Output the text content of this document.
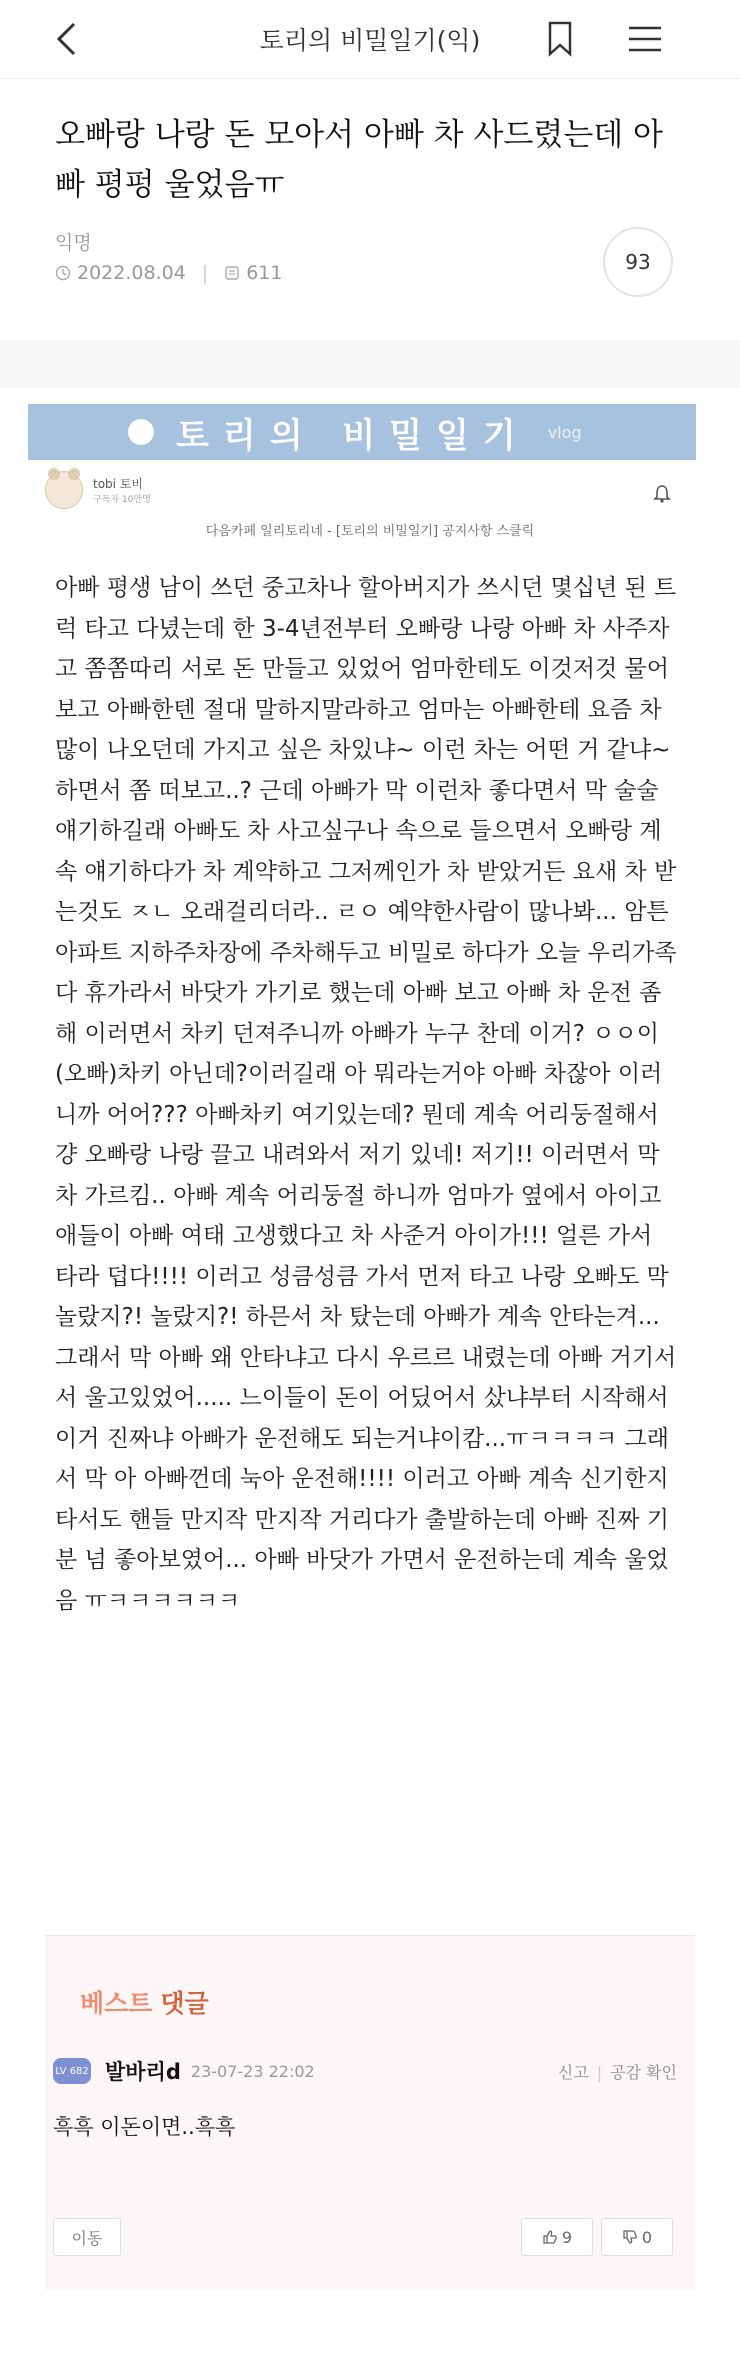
토리의 비밀일기(익)
오빠랑 나랑 돈 모아서 아빠 차 사드렸는데 아빠 평펑 울었음ㅠ
익명
2022.08.04 | 611	93
토리의 비밀일기 vlog
tobi 토비
구독자 10만명
다음카페 일리토리네 - [토리의 비밀일기] 공지사항 스클릭
아빠 평생 남이 쓰던 중고차나 할아버지가 쓰시던 몇십년 된 트럭 타고 다녔는데 한 3-4년전부터 오빠랑 나랑 아빠 차 사주자고 쫌쫌따리 서로 돈 만들고 있었어 엄마한테도 이것저것 물어보고 아빠한텐 절대 말하지말라하고 엄마는 아빠한테 요즘 차 많이 나오던데 가지고 싶은 차있냐~ 이런 차는 어떤 거 같냐~하면서 쫌 떠보고..? 근데 아빠가 막 이런차 좋다면서 막 술술 얘기하길래 아빠도 차 사고싶구나 속으로 들으면서 오빠랑 계속 얘기하다가 차 계약하고 그저께인가 차 받았거든 요새 차 받는것도 ㅈㄴ 오래걸리더라.. ㄹㅇ 예약한사람이 많나봐... 암튼 아파트 지하주차장에 주차해두고 비밀로 하다가 오늘 우리가족 다 휴가라서 바닷가 가기로 했는데 아빠 보고 아빠 차 운전 좀 해 이러면서 차키 던져주니까 아빠가 누구 찬데 이거? ㅇㅇ이(오빠)차키 아닌데?이러길래 아 뭐라는거야 아빠 차잖아 이러니까 어어??? 아빠차키 여기있는데? 뭔데 계속 어리둥절해서 걍 오빠랑 나랑 끌고 내려와서 저기 있네! 저기!! 이러면서 막 차 가르킴.. 아빠 계속 어리둥절 하니까 엄마가 옆에서 아이고 애들이 아빠 여태 고생했다고 차 사준거 아이가!!! 얼른 가서 타라 덥다!!!! 이러고 성큼성큼 가서 먼저 타고 나랑 오빠도 막 놀랐지?! 놀랐지?! 하믄서 차 탔는데 아빠가 계속 안타는겨... 그래서 막 아빠 왜 안타냐고 다시 우르르 내렸는데 아빠 거기서서 울고있었어..... 느이들이 돈이 어딨어서 샀냐부터 시작해서 이거 진짜냐 아빠가 운전해도 되는거냐이캄...ㅠㅋㅋㅋㅋ 그래서 막 아 아빠껀데 눅아 운전해!!!! 이러고 아빠 계속 신기한지 타서도 핸들 만지작 만지작 거리다가 출발하는데 아빠 진짜 기분 넘 좋아보였어... 아빠 바닷가 가면서 운전하는데 계속 울었음 ㅠㅋㅋㅋㅋㅋㅋ
베스트 댓글
LV 682 발바리d 23-07-23 22:02	신고 | 공감 확인
흑흑 이돈이면..흑흑
이동	9	0
